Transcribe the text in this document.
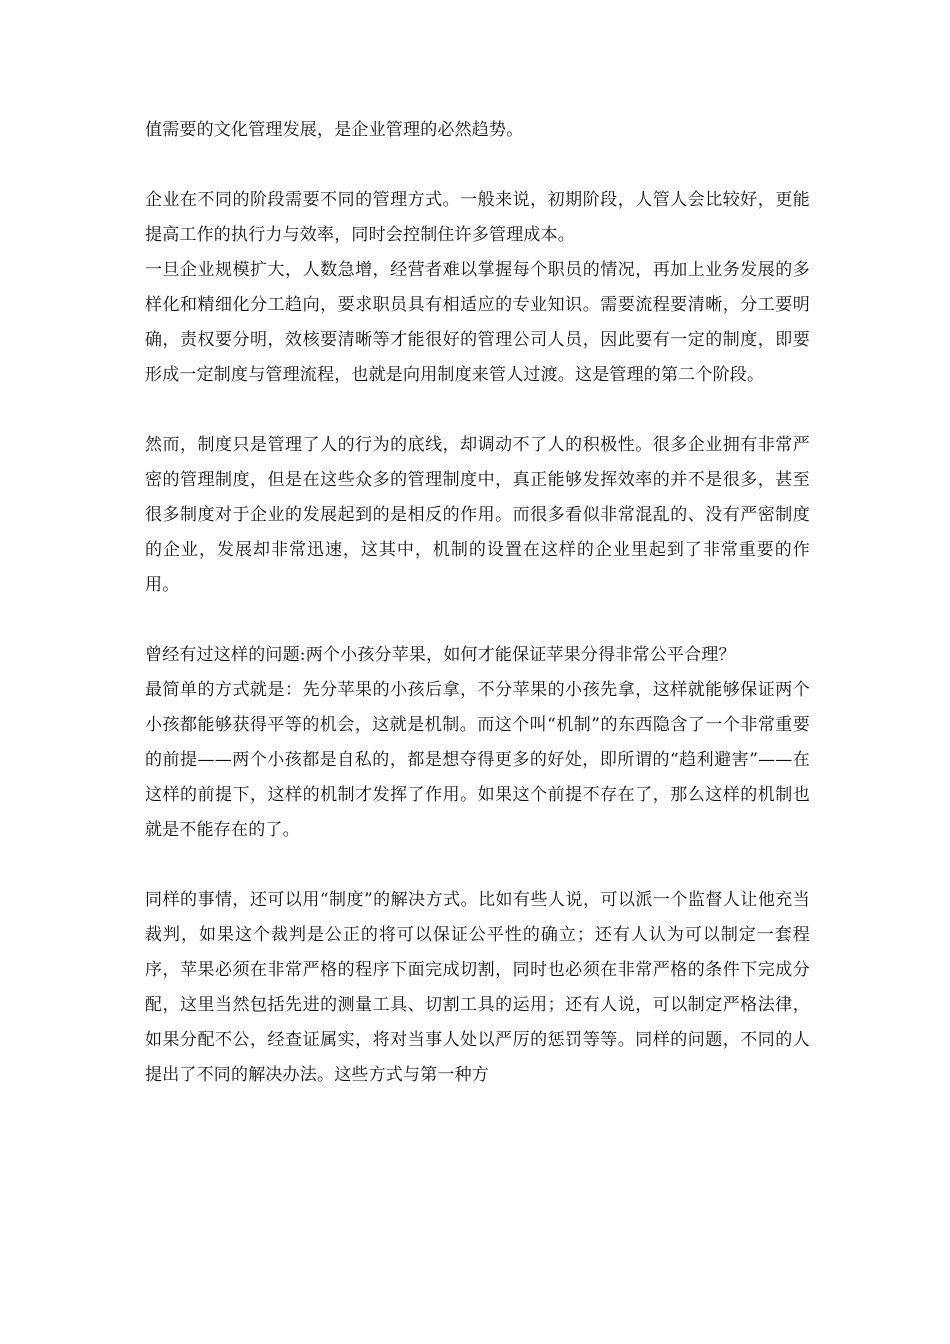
值需要的文化管理发展，是企业管理的必然趋势。

企业在不同的阶段需要不同的管理方式。一般来说，初期阶段，人管人会比较好，更能提高工作的执行力与效率，同时会控制住许多管理成本。

一旦企业规模扩大，人数急增，经营者难以掌握每个职员的情况，再加上业务发展的多样化和精细化分工趋向，要求职员具有相适应的专业知识。需要流程要清晰，分工要明确，责权要分明，效核要清晰等才能很好的管理公司人员，因此要有一定的制度，即要形成一定制度与管理流程，也就是向用制度来管人过渡。这是管理的第二个阶段。

然而，制度只是管理了人的行为的底线，却调动不了人的积极性。很多企业拥有非常严密的管理制度，但是在这些众多的管理制度中，真正能够发挥效率的并不是很多，甚至很多制度对于企业的发展起到的是相反的作用。而很多看似非常混乱的、没有严密制度的企业，发展却非常迅速，这其中，机制的设置在这样的企业里起到了非常重要的作用。

曾经有过这样的问题:两个小孩分苹果，如何才能保证苹果分得非常公平合理？

最简单的方式就是：先分苹果的小孩后拿，不分苹果的小孩先拿，这样就能够保证两个小孩都能够获得平等的机会，这就是机制。而这个叫“机制”的东西隐含了一个非常重要的前提——两个小孩都是自私的，都是想夺得更多的好处，即所谓的“趋利避害”——在这样的前提下，这样的机制才发挥了作用。如果这个前提不存在了，那么这样的机制也就是不能存在的了。

同样的事情，还可以用“制度”的解决方式。比如有些人说，可以派一个监督人让他充当裁判，如果这个裁判是公正的将可以保证公平性的确立；还有人认为可以制定一套程序，苹果必须在非常严格的程序下面完成切割，同时也必须在非常严格的条件下完成分配，这里当然包括先进的测量工具、切割工具的运用；还有人说，可以制定严格法律，如果分配不公，经查证属实，将对当事人处以严厉的惩罚等等。同样的问题，不同的人提出了不同的解决办法。这些方式与第一种方
